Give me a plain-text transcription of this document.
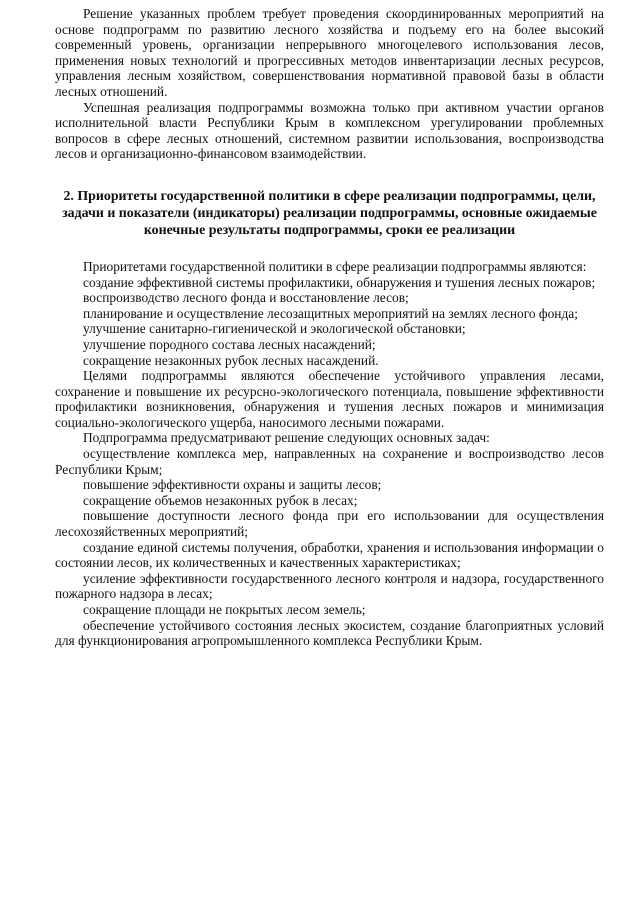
Решение указанных проблем требует проведения скоординированных мероприятий на основе подпрограмм по развитию лесного хозяйства и подъему его на более высокий современный уровень, организации непрерывного многоцелевого использования лесов, применения новых технологий и прогрессивных методов инвентаризации лесных ресурсов, управления лесным хозяйством, совершенствования нормативной правовой базы в области лесных отношений.

Успешная реализация подпрограммы возможна только при активном участии органов исполнительной власти Республики Крым в комплексном урегулировании проблемных вопросов в сфере лесных отношений, системном развитии использования, воспроизводства лесов и организационно-финансовом взаимодействии.

2. Приоритеты государственной политики в сфере реализации подпрограммы, цели, задачи и показатели (индикаторы) реализации подпрограммы, основные ожидаемые конечные результаты подпрограммы, сроки ее реализации

Приоритетами государственной политики в сфере реализации подпрограммы являются:

создание эффективной системы профилактики, обнаружения и тушения лесных пожаров;

воспроизводство лесного фонда и восстановление лесов;

планирование и осуществление лесозащитных мероприятий на землях лесного фонда;

улучшение санитарно-гигиенической и экологической обстановки;

улучшение породного состава лесных насаждений;

сокращение незаконных рубок лесных насаждений.

Целями подпрограммы являются обеспечение устойчивого управления лесами, сохранение и повышение их ресурсно-экологического потенциала, повышение эффективности профилактики возникновения, обнаружения и тушения лесных пожаров и минимизация социально-экологического ущерба, наносимого лесными пожарами.

Подпрограмма предусматривают решение следующих основных задач:

осуществление комплекса мер, направленных на сохранение и воспроизводство лесов Республики Крым;

повышение эффективности охраны и защиты лесов;

сокращение объемов незаконных рубок в лесах;

повышение доступности лесного фонда при его использовании для осуществления лесохозяйственных мероприятий;

создание единой системы получения, обработки, хранения и использования информации о состоянии лесов, их количественных и качественных характеристиках;

усиление эффективности государственного лесного контроля и надзора, государственного пожарного надзора в лесах;

сокращение площади не покрытых лесом земель;

обеспечение устойчивого состояния лесных экосистем, создание благоприятных условий для функционирования агропромышленного комплекса Республики Крым.
